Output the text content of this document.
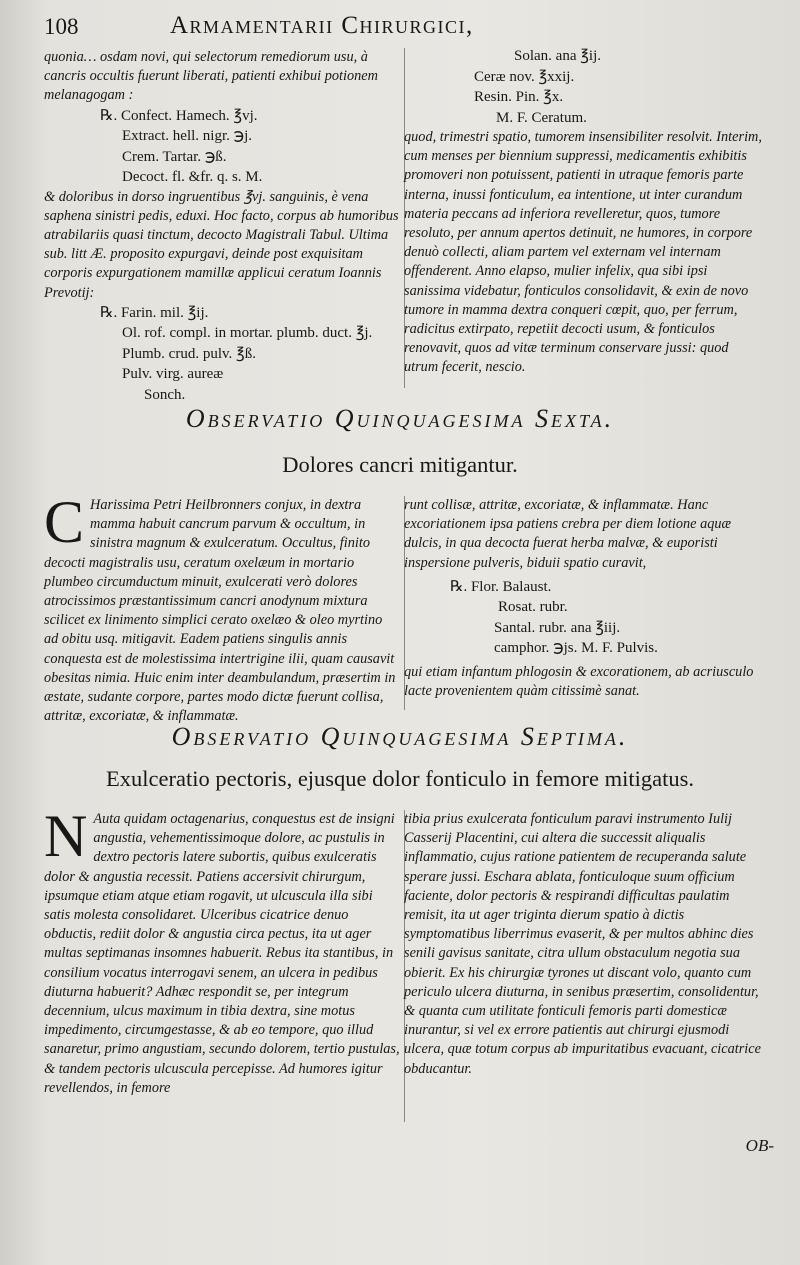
108	Armamentarii Chirurgici,

quonia… osdam novi, qui selectorum remediorum usu, à cancris occultis fuerunt liberati, patienti exhibui potionem melanagogam :

℞. Confect. Hamech. ℥vj.
Extract. hell. nigr. ℈j.
Crem. Tartar. ℈ß.
Decoct. fl. &fr. q. s. M.

& doloribus in dorso ingruentibus ℥vj. sanguinis, è vena saphena sinistri pedis, eduxi. Hoc facto, corpus ab humoribus atrabilariis quasi tinctum, decocto Magistrali Tabul. Ultima sub. litt Æ. proposito expurgavi, deinde post exquisitam corporis expurgationem mamillæ applicui ceratum Ioannis Prevotij:

℞. Farin. mil. ℥ij.
Ol. rof. compl. in mortar. plumb. duct. ℥j.
Plumb. crud. pulv. ℥ß.
Pulv. virg. aureæ
Sonch.
Solan. ana ℥ij.
Ceræ nov. ℥xxij.
Resin. Pin. ℥x.
M. F. Ceratum.

quod, trimestri spatio, tumorem insensibiliter resolvit. Interim, cum menses per biennium suppressi, medicamentis exhibitis promoveri non potuissent, patienti in utraque femoris parte interna, inussi fonticulum, ea intentione, ut inter curandum materia peccans ad inferiora revelleretur, quos, tumore resoluto, per annum apertos detinuit, ne humores, in corpore denuò collecti, aliam partem vel externam vel internam offenderent. Anno elapso, mulier infelix, qua sibi ipsi sanissima videbatur, fonticulos consolidavit, & exin de novo tumore in mamma dextra conqueri cœpit, quo, per ferrum, radicitus extirpato, repetiit decocti usum, & fonticulos renovavit, quos ad vitæ terminum conservare jussi: quod utrum fecerit, nescio.

Observatio Quinquagesima Sexta.
Dolores cancri mitigantur.
C Harissima Petri Heilbronners conjux, in dextra mamma habuit cancrum parvum & occultum, in sinistra magnum & exulceratum. Occultus, finito decocti magistralis usu, ceratum oxelæum in mortario plumbeo circumductum minuit, exulcerati verò dolores atrocissimos præstantissimum cancri anodynum mixtura scilicet ex linimento simplici cerato oxelæo & oleo myrtino ad obitu usq. mitigavit. Eadem patiens singulis annis conquesta est de molestissima intertrigine ilii, quam causavit obesitas nimia. Huic enim inter deambulandum, præsertim in æstate, sudante corpore, partes modo dictæ fuerunt collisa, attritæ, excoriatæ, & inflammatæ.

runt collisæ, attritæ, excoriatæ, & inflammatæ. Hanc excoriationem ipsa patiens crebra per diem lotione aquæ dulcis, in qua decocta fuerat herba malvæ, & euporisti inspersione pulveris, biduii spatio curavit,

℞. Flor. Balaust.
Rosat. rubr.
Santal. rubr. ana ℥iij.
camphor. ℈js. M. F. Pulvis.

qui etiam infantum phlogosin & excorationem, ab acriusculo lacte provenientem quàm citissimè sanat.

Observatio Quinquagesima Septima.
Exulceratio pectoris, ejusque dolor fonticulo in femore mitigatus.
N Auta quidam octagenarius, conquestus est de insigni angustia, vehementissimoque dolore, ac pustulis in dextro pectoris latere subortis, quibus exulceratis dolor & angustia recessit. Patiens accersivit chirurgum, ipsumque etiam atque etiam rogavit, ut ulcuscula illa sibi satis molesta consolidaret. Ulceribus cicatrice denuo obductis, rediit dolor & angustia circa pectus, ita ut ager multas septimanas insomnes habuerit. Rebus ita stantibus, in consilium vocatus interrogavi senem, an ulcera in pedibus diuturna habuerit? Adhæc respondit se, per integrum decennium, ulcus maximum in tibia dextra, sine motus impedimento, circumgestasse, & ab eo tempore, quo illud sanaretur, primo angustiam, secundo dolorem, tertio pustulas, & tandem pectoris ulcuscula percepisse. Ad humores igitur revellendos, in femore

tibia prius exulcerata fonticulum paravi instrumento Iulij Casserij Placentini, cui altera die successit aliqualis inflammatio, cujus ratione patientem de recuperanda salute sperare jussi. Eschara ablata, fonticuloque suum officium faciente, dolor pectoris & respirandi difficultas paulatim remisit, ita ut ager triginta dierum spatio à dictis symptomatibus liberrimus evaserit, & per multos abhinc dies senili gavisus sanitate, citra ullum obstaculum negotia sua obierit. Ex his chirurgiæ tyrones ut discant volo, quanto cum periculo ulcera diuturna, in senibus præsertim, consolidentur, & quanta cum utilitate fonticuli femoris parti domesticæ inurantur, si vel ex errore patientis aut chirurgi ejusmodi ulcera, quæ totum corpus ab impuritatibus evacuant, cicatrice obducantur.

OB-
